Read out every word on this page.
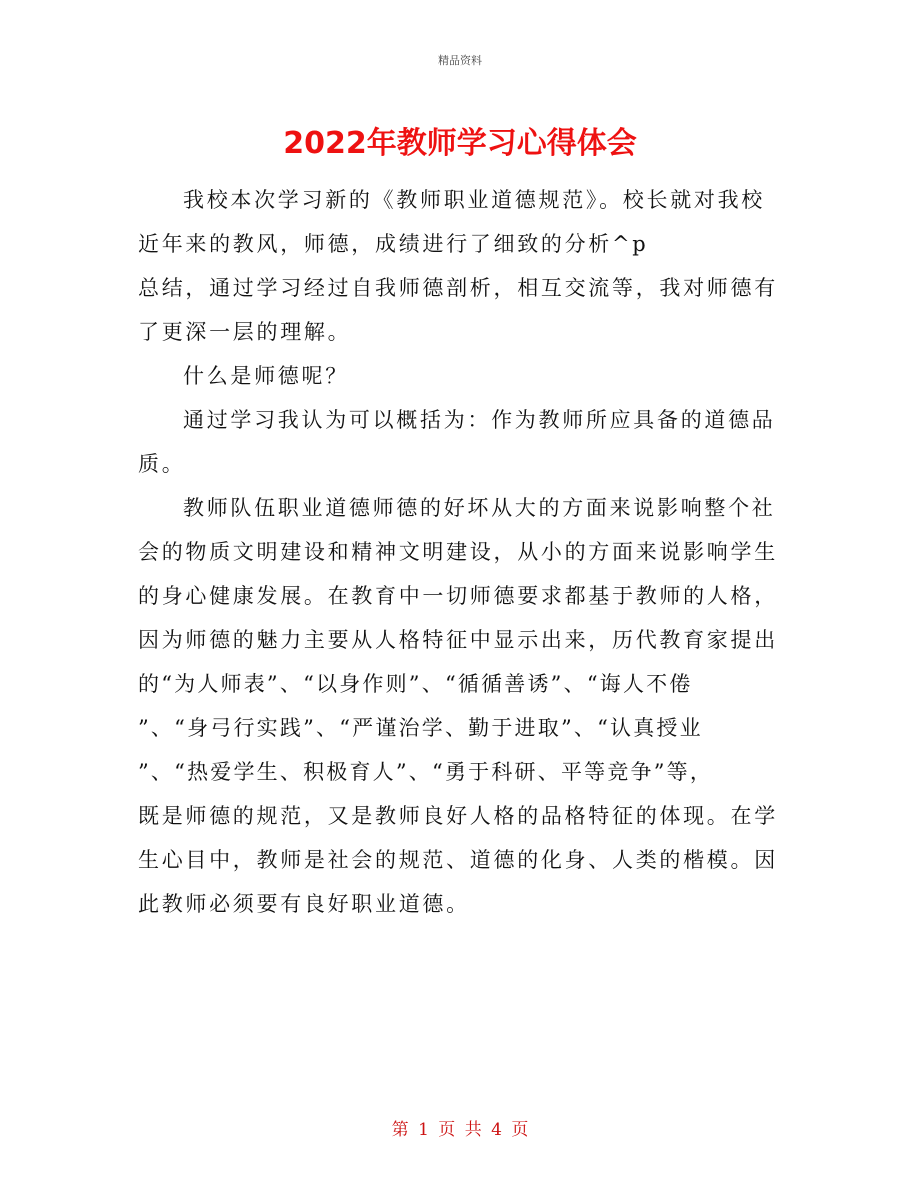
精品资料
2022年教师学习心得体会
我校本次学习新的《教师职业道德规范》。校长就对我校
近年来的教风，师德，成绩进行了细致的分析^p
总结，通过学习经过自我师德剖析，相互交流等，我对师德有
了更深一层的理解。
什么是师德呢？
通过学习我认为可以概括为：作为教师所应具备的道德品
质。
教师队伍职业道德师德的好坏从大的方面来说影响整个社
会的物质文明建设和精神文明建设，从小的方面来说影响学生
的身心健康发展。在教育中一切师德要求都基于教师的人格，
因为师德的魅力主要从人格特征中显示出来，历代教育家提出
的“为人师表”、“以身作则”、“循循善诱”、“诲人不倦
”、“身弓行实践”、“严谨治学、勤于进取”、“认真授业
”、“热爱学生、积极育人”、“勇于科研、平等竞争”等，
既是师德的规范，又是教师良好人格的品格特征的体现。在学
生心目中，教师是社会的规范、道德的化身、人类的楷模。因
此教师必须要有良好职业道德。
第 1 页 共 4 页
